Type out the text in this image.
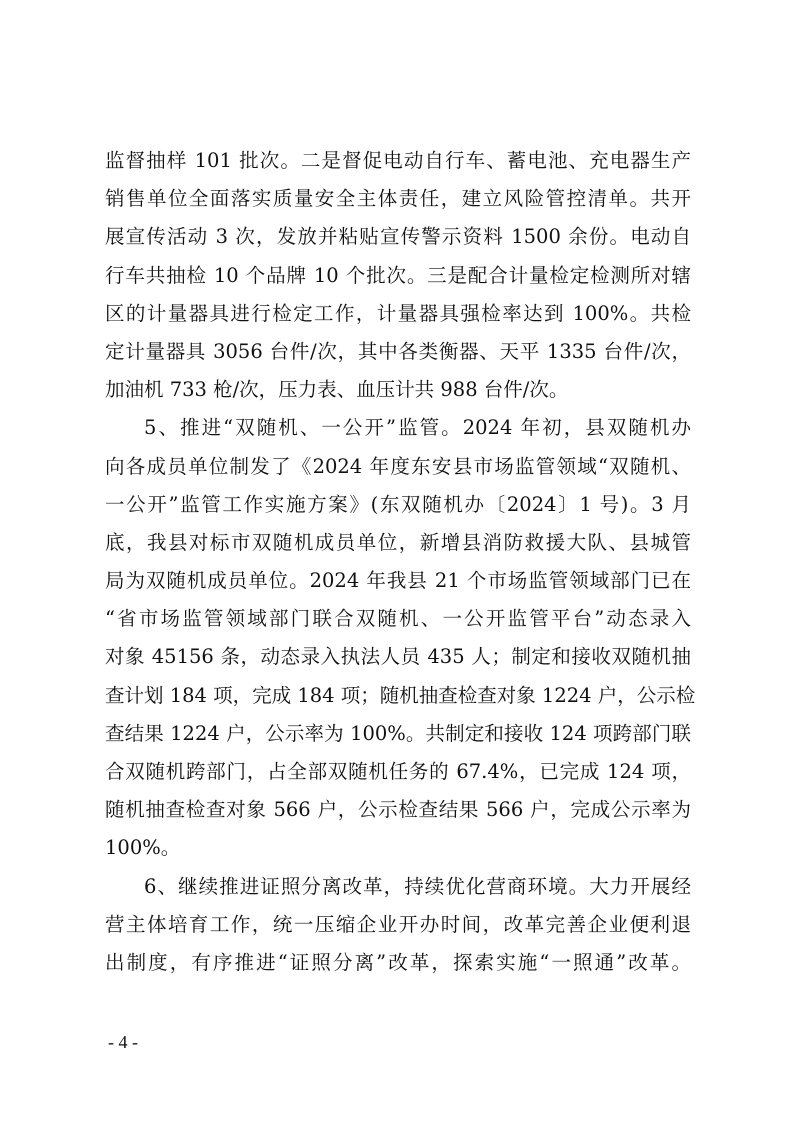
监督抽样 101 批次。二是督促电动自行车、蓄电池、充电器生产
销售单位全面落实质量安全主体责任，建立风险管控清单。共开
展宣传活动 3 次，发放并粘贴宣传警示资料 1500 余份。电动自
行车共抽检 10 个品牌 10 个批次。三是配合计量检定检测所对辖
区的计量器具进行检定工作，计量器具强检率达到 100%。共检
定计量器具 3056 台件/次，其中各类衡器、天平 1335 台件/次，
加油机 733 枪/次，压力表、血压计共 988 台件/次。
5、推进“双随机、一公开”监管。2024 年初，县双随机办
向各成员单位制发了《2024 年度东安县市场监管领域“双随机、
一公开”监管工作实施方案》(东双随机办〔2024〕1 号)。3 月
底，我县对标市双随机成员单位，新增县消防救援大队、县城管
局为双随机成员单位。2024 年我县 21 个市场监管领域部门已在
“省市场监管领域部门联合双随机、一公开监管平台”动态录入
对象 45156 条，动态录入执法人员 435 人；制定和接收双随机抽
查计划 184 项，完成 184 项；随机抽查检查对象 1224 户，公示检
查结果 1224 户，公示率为 100%。共制定和接收 124 项跨部门联
合双随机跨部门，占全部双随机任务的 67.4%，已完成 124 项，
随机抽查检查对象 566 户，公示检查结果 566 户，完成公示率为
100%。
6、继续推进证照分离改革，持续优化营商环境。大力开展经
营主体培育工作，统一压缩企业开办时间，改革完善企业便利退
出制度，有序推进“证照分离”改革，探索实施“一照通”改革。
- 4 -
